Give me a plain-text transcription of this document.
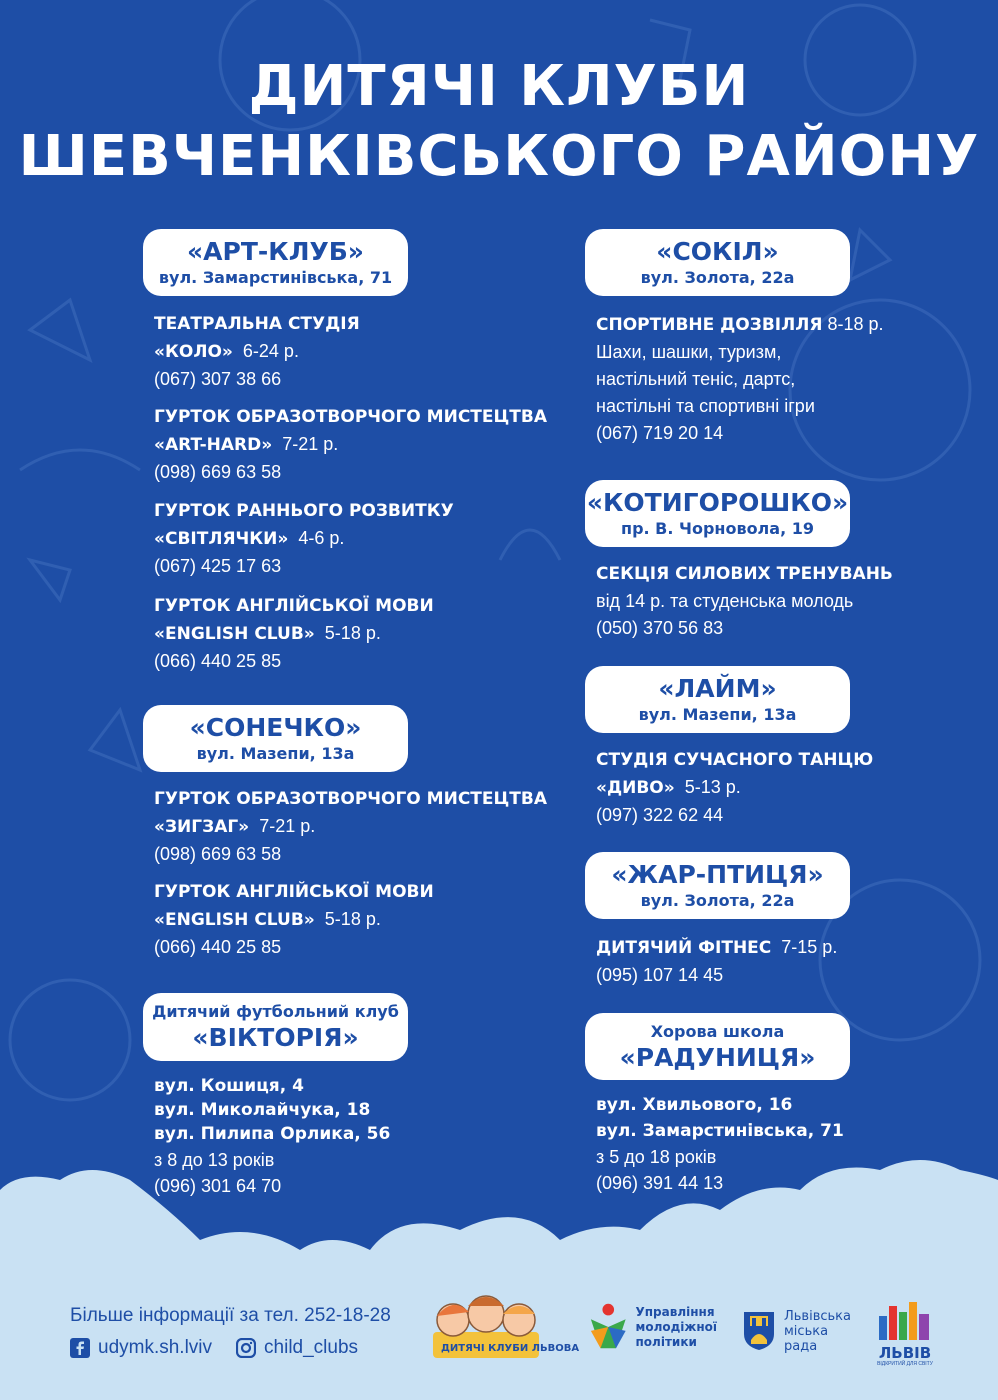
ДИТЯЧІ КЛУБИ
ШЕВЧЕНКІВСЬКОГО РАЙОНУ
«АРТ-КЛУБ»
вул. Замарстинівська, 71
ТЕАТРАЛЬНА СТУДІЯ
«КОЛО» 6-24 р.
(067) 307 38 66
ГУРТОК ОБРАЗОТВОРЧОГО МИСТЕЦТВА
«ART-HARD» 7-21 р.
(098) 669 63 58
ГУРТОК РАННЬОГО РОЗВИТКУ
«СВІТЛЯЧКИ» 4-6 р.
(067) 425 17 63
ГУРТОК АНГЛІЙСЬКОЇ МОВИ
«ENGLISH CLUB» 5-18 р.
(066) 440 25 85
«СОНЕЧКО»
вул. Мазепи, 13а
ГУРТОК ОБРАЗОТВОРЧОГО МИСТЕЦТВА
«ЗИГЗАГ» 7-21 р.
(098) 669 63 58
ГУРТОК АНГЛІЙСЬКОЇ МОВИ
«ENGLISH CLUB» 5-18 р.
(066) 440 25 85
Дитячий футбольний клуб
«ВІКТОРІЯ»
вул. Кошиця, 4
вул. Миколайчука, 18
вул. Пилипа Орлика, 56
з 8 до 13 років
(096) 301 64 70
«СОКІЛ»
вул. Золота, 22а
СПОРТИВНЕ ДОЗВІЛЛЯ 8-18 р.
Шахи, шашки, туризм,
настільний теніс, дартс,
настільні та спортивні ігри
(067) 719 20 14
«КОТИГОРОШКО»
пр. В. Чорновола, 19
СЕКЦІЯ СИЛОВИХ ТРЕНУВАНЬ
від 14 р. та студенська молодь
(050) 370 56 83
«ЛАЙМ»
вул. Мазепи, 13а
СТУДІЯ СУЧАСНОГО ТАНЦЮ
«ДИВО» 5-13 р.
(097) 322 62 44
«ЖАР-ПТИЦЯ»
вул. Золота, 22а
ДИТЯЧИЙ ФІТНЕС 7-15 р.
(095) 107 14 45
Хорова школа
«РАДУНИЦЯ»
вул. Хвильового, 16
вул. Замарстинівська, 71
з 5 до 18 років
(096) 391 44 13
Більше інформації за тел. 252-18-28
udymk.sh.lviv	child_clubs	ДИТЯЧІ КЛУБИ ЛЬВОВА
Управління
молодіжної
політики
Львівська
міська
рада	ЛЬВІВ
ВІДКРИТИЙ ДЛЯ СВІТУ
